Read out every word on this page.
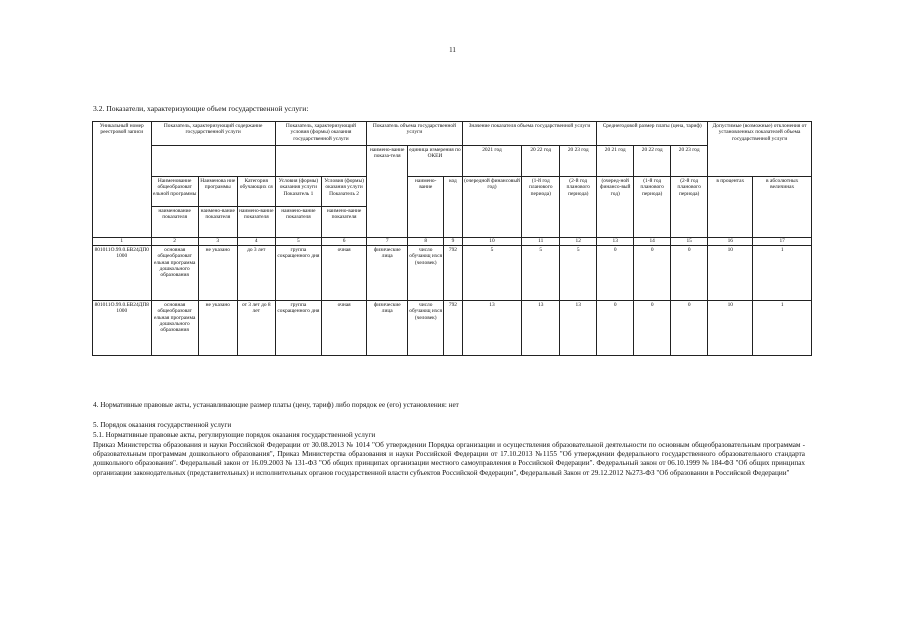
11
3.2. Показатели, характеризующие объем государственной услуги:
Уникальный номер реестровой записи	Показатель, характеризующий содержание государственной услуги			Показатель, характеризующий условия (формы) оказания государственной услуги		Показатель объема государственной услуги			Значение показателя объема государственной услуги			Среднегодовой размер платы (цена, тариф)			Допустимые (возможные) отклонения от установленных показателей объема государственной услуги	
						наимено-вание показа-теля	единица измерения по ОКЕИ		2021 год	20 22 год	20 23 год	20 21 год	20 22 год	20 23 год		
	Наименование общеобразоват ельной программы	Наименова ние программы	Категория обучающих ся	Условия (формы) оказания услуги Показатель 1	Условия (формы) оказания услуги Показатель 2		наимено-вание	код	(очередной финансовый год)	(1-й год планового периода)	(2-й год планового периода)	(очеред-ной финансо-вый год)	(1-й год планового периода)	(2-й год планового периода)	в процентах	в абсолютных величинах
	наименование показателя	наимено-вание показателя	наимено-вание показателя	наимено-вание показателя	наимено-вание показателя											
1	2	3	4	5	6	7	8	9	10	11	12	13	14	15	16	17
801011О.99.0.БВ24ДП01000	основная общеобразоват ельная программа дошкольного образования	не указано	до 3 лет	группа сокращенного дня	очная	физические лица	число обучающ ихся (человек)	792	5	5	5	0	0	0	10	1
801011О.99.0.БВ24ДП81000	основная общеобразоват ельная программа дошкольного образования	не указано	от 3 лет до 8 лет	группа сокращенного дня	очная	физические лица	число обучающ ихся (человек)	792	13	13	13	0	0	0	10	1
4. Нормативные правовые акты, устанавливающие размер платы (цену, тариф) либо порядок ее (его) установления: нет
5. Порядок оказания государственной услуги
5.1. Нормативные правовые акты, регулирующие порядок оказания государственной услуги
Приказ Министерства образования и науки Российской Федерации от 30.08.2013 № 1014 "Об утверждении Порядка организации и осуществления образовательной деятельности по основным общеобразовательным программам - образовательным программам дошкольного образования", Приказ Министерства образования и науки Российской Федерации от 17.10.2013 №1155 "Об утверждении федерального государственного образовательного стандарта дошкольного образования". Федеральный закон от 16.09.2003 № 131-ФЗ "Об общих принципах организации местного самоуправления в Российской Федерации". Федеральный закон от 06.10.1999 № 184-ФЗ "Об общих принципах организации законодательных (представительных) и исполнительных органов государственной власти субъектов Российской Федерации", Федеральный Закон от 29.12.2012 №273-ФЗ "Об образовании в Российской Федерации"
